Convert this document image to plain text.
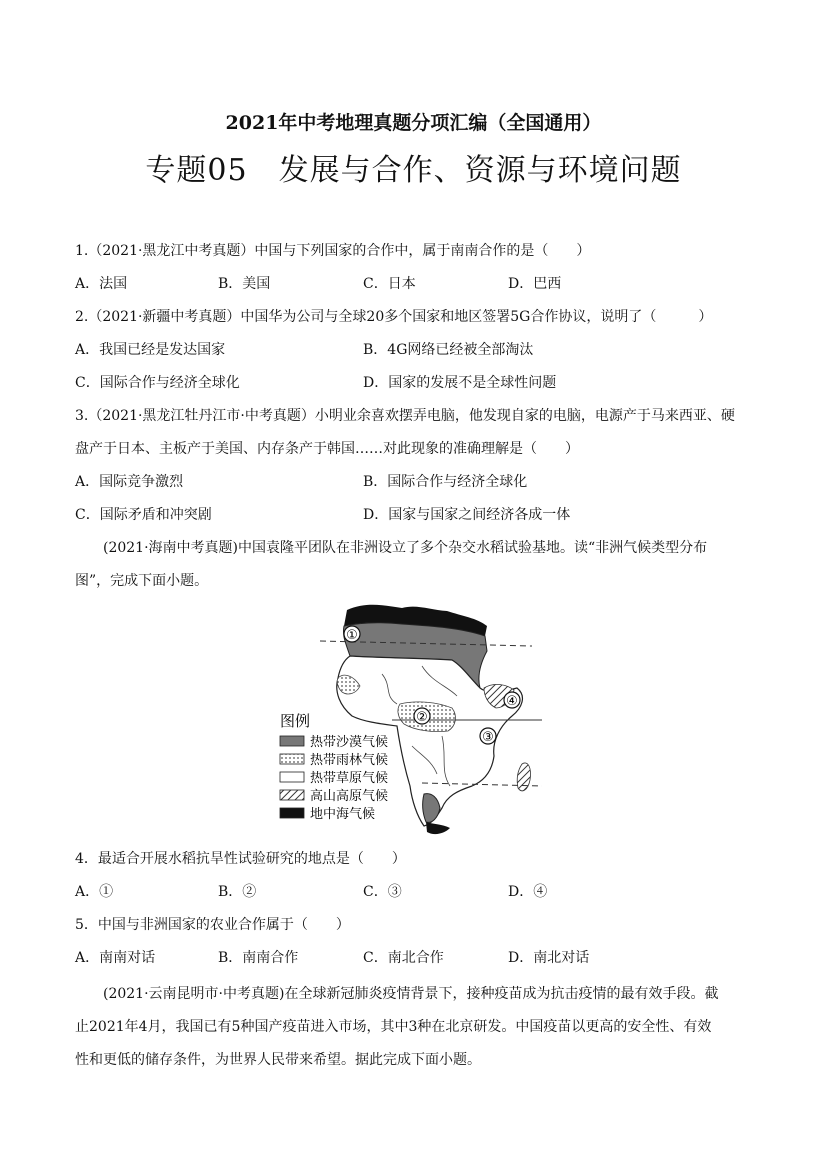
2021年中考地理真题分项汇编（全国通用）
专题05　发展与合作、资源与环境问题
1.（2021·黑龙江中考真题）中国与下列国家的合作中，属于南南合作的是（　　）
A．法国	B．美国	C．日本	D．巴西
2.（2021·新疆中考真题）中国华为公司与全球20多个国家和地区签署5G合作协议，说明了（　　　）
A．我国已经是发达国家	B．4G网络已经被全部淘汰
C．国际合作与经济全球化	D．国家的发展不是全球性问题
3.（2021·黑龙江牡丹江市·中考真题）小明业余喜欢摆弄电脑，他发现自家的电脑，电源产于马来西亚、硬
盘产于日本、主板产于美国、内存条产于韩国……对此现象的准确理解是（　　）
A．国际竞争激烈	B．国际合作与经济全球化
C．国际矛盾和冲突剧	D．国家与国家之间经济各成一体
(2021·海南中考真题)中国袁隆平团队在非洲设立了多个杂交水稻试验基地。读“非洲气候类型分布
图”，完成下面小题。
①
②
③
④
图例
热带沙漠气候
热带雨林气候
热带草原气候
高山高原气候
地中海气候
4．最适合开展水稻抗旱性试验研究的地点是（　　）
A．①	B．②	C．③	D．④
5．中国与非洲国家的农业合作属于（　　）
A．南南对话	B．南南合作	C．南北合作	D．南北对话
(2021·云南昆明市·中考真题)在全球新冠肺炎疫情背景下，接种疫苗成为抗击疫情的最有效手段。截
止2021年4月，我国已有5种国产疫苗进入市场，其中3种在北京研发。中国疫苗以更高的安全性、有效
性和更低的储存条件，为世界人民带来希望。据此完成下面小题。
